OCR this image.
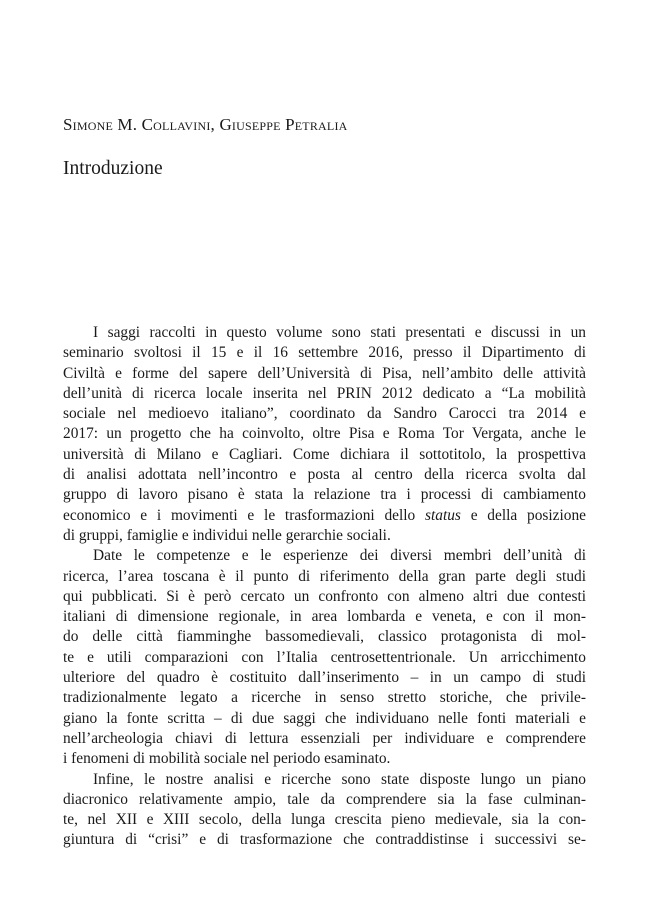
Simone M. Collavini, Giuseppe Petralia
Introduzione
I saggi raccolti in questo volume sono stati presentati e discussi in un
seminario svoltosi il 15 e il 16 settembre 2016, presso il Dipartimento di
Civiltà e forme del sapere dell’Università di Pisa, nell’ambito delle attività
dell’unità di ricerca locale inserita nel PRIN 2012 dedicato a “La mobilità
sociale nel medioevo italiano”, coordinato da Sandro Carocci tra 2014 e
2017: un progetto che ha coinvolto, oltre Pisa e Roma Tor Vergata, anche le
università di Milano e Cagliari. Come dichiara il sottotitolo, la prospettiva
di analisi adottata nell’incontro e posta al centro della ricerca svolta dal
gruppo di lavoro pisano è stata la relazione tra i processi di cambiamento
economico e i movimenti e le trasformazioni dello status e della posizione
di gruppi, famiglie e individui nelle gerarchie sociali.
Date le competenze e le esperienze dei diversi membri dell’unità di
ricerca, l’area toscana è il punto di riferimento della gran parte degli studi
qui pubblicati. Si è però cercato un confronto con almeno altri due contesti
italiani di dimensione regionale, in area lombarda e veneta, e con il mon-
do delle città fiamminghe bassomedievali, classico protagonista di mol-
te e utili comparazioni con l’Italia centrosettentrionale. Un arricchimento
ulteriore del quadro è costituito dall’inserimento – in un campo di studi
tradizionalmente legato a ricerche in senso stretto storiche, che privile-
giano la fonte scritta – di due saggi che individuano nelle fonti materiali e
nell’archeologia chiavi di lettura essenziali per individuare e comprendere
i fenomeni di mobilità sociale nel periodo esaminato.
Infine, le nostre analisi e ricerche sono state disposte lungo un piano
diacronico relativamente ampio, tale da comprendere sia la fase culminan-
te, nel XII e XIII secolo, della lunga crescita pieno medievale, sia la con-
giuntura di “crisi” e di trasformazione che contraddistinse i successivi se-
